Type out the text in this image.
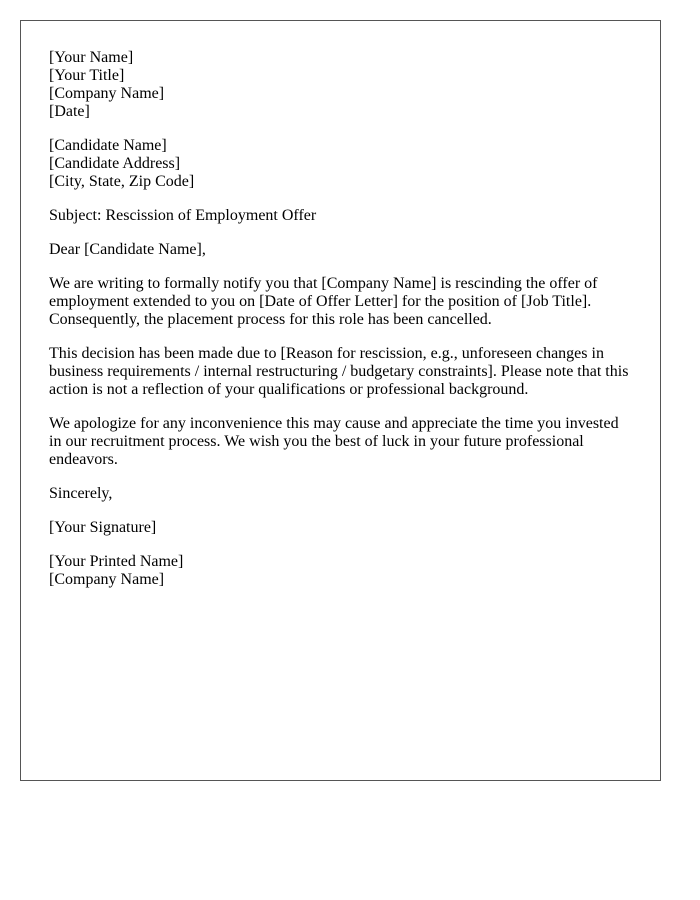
[Your Name]
[Your Title]
[Company Name]
[Date]
[Candidate Name]
[Candidate Address]
[City, State, Zip Code]
Subject: Rescission of Employment Offer
Dear [Candidate Name],
We are writing to formally notify you that [Company Name] is rescinding the offer of
employment extended to you on [Date of Offer Letter] for the position of [Job Title].
Consequently, the placement process for this role has been cancelled.
This decision has been made due to [Reason for rescission, e.g., unforeseen changes in
business requirements / internal restructuring / budgetary constraints]. Please note that this
action is not a reflection of your qualifications or professional background.
We apologize for any inconvenience this may cause and appreciate the time you invested
in our recruitment process. We wish you the best of luck in your future professional
endeavors.
Sincerely,
[Your Signature]
[Your Printed Name]
[Company Name]
